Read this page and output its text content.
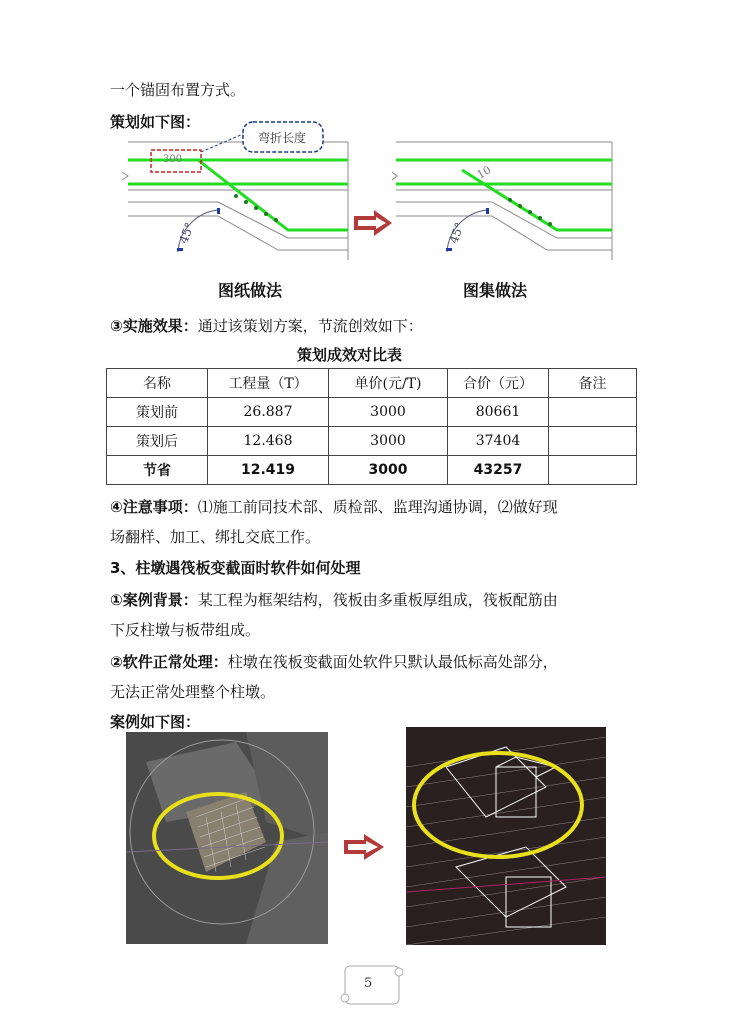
一个锚固布置方式。
策划如下图：
弯折长度
300
45°
10
45°
图纸做法	图集做法
③实施效果：通过该策划方案，节流创效如下：
策划成效对比表
名称	工程量（T）	单价(元/T)	合价（元）	备注
策划前	26.887	3000	80661	
策划后	12.468	3000	37404	
节省	12.419	3000	43257	
④注意事项：⑴施工前同技术部、质检部、监理沟通协调，⑵做好现
场翻样、加工、绑扎交底工作。
3、柱墩遇筏板变截面时软件如何处理
①案例背景：某工程为框架结构，筏板由多重板厚组成，筏板配筋由
下反柱墩与板带组成。
②软件正常处理：柱墩在筏板变截面处软件只默认最低标高处部分，
无法正常处理整个柱墩。
案例如下图：
5
